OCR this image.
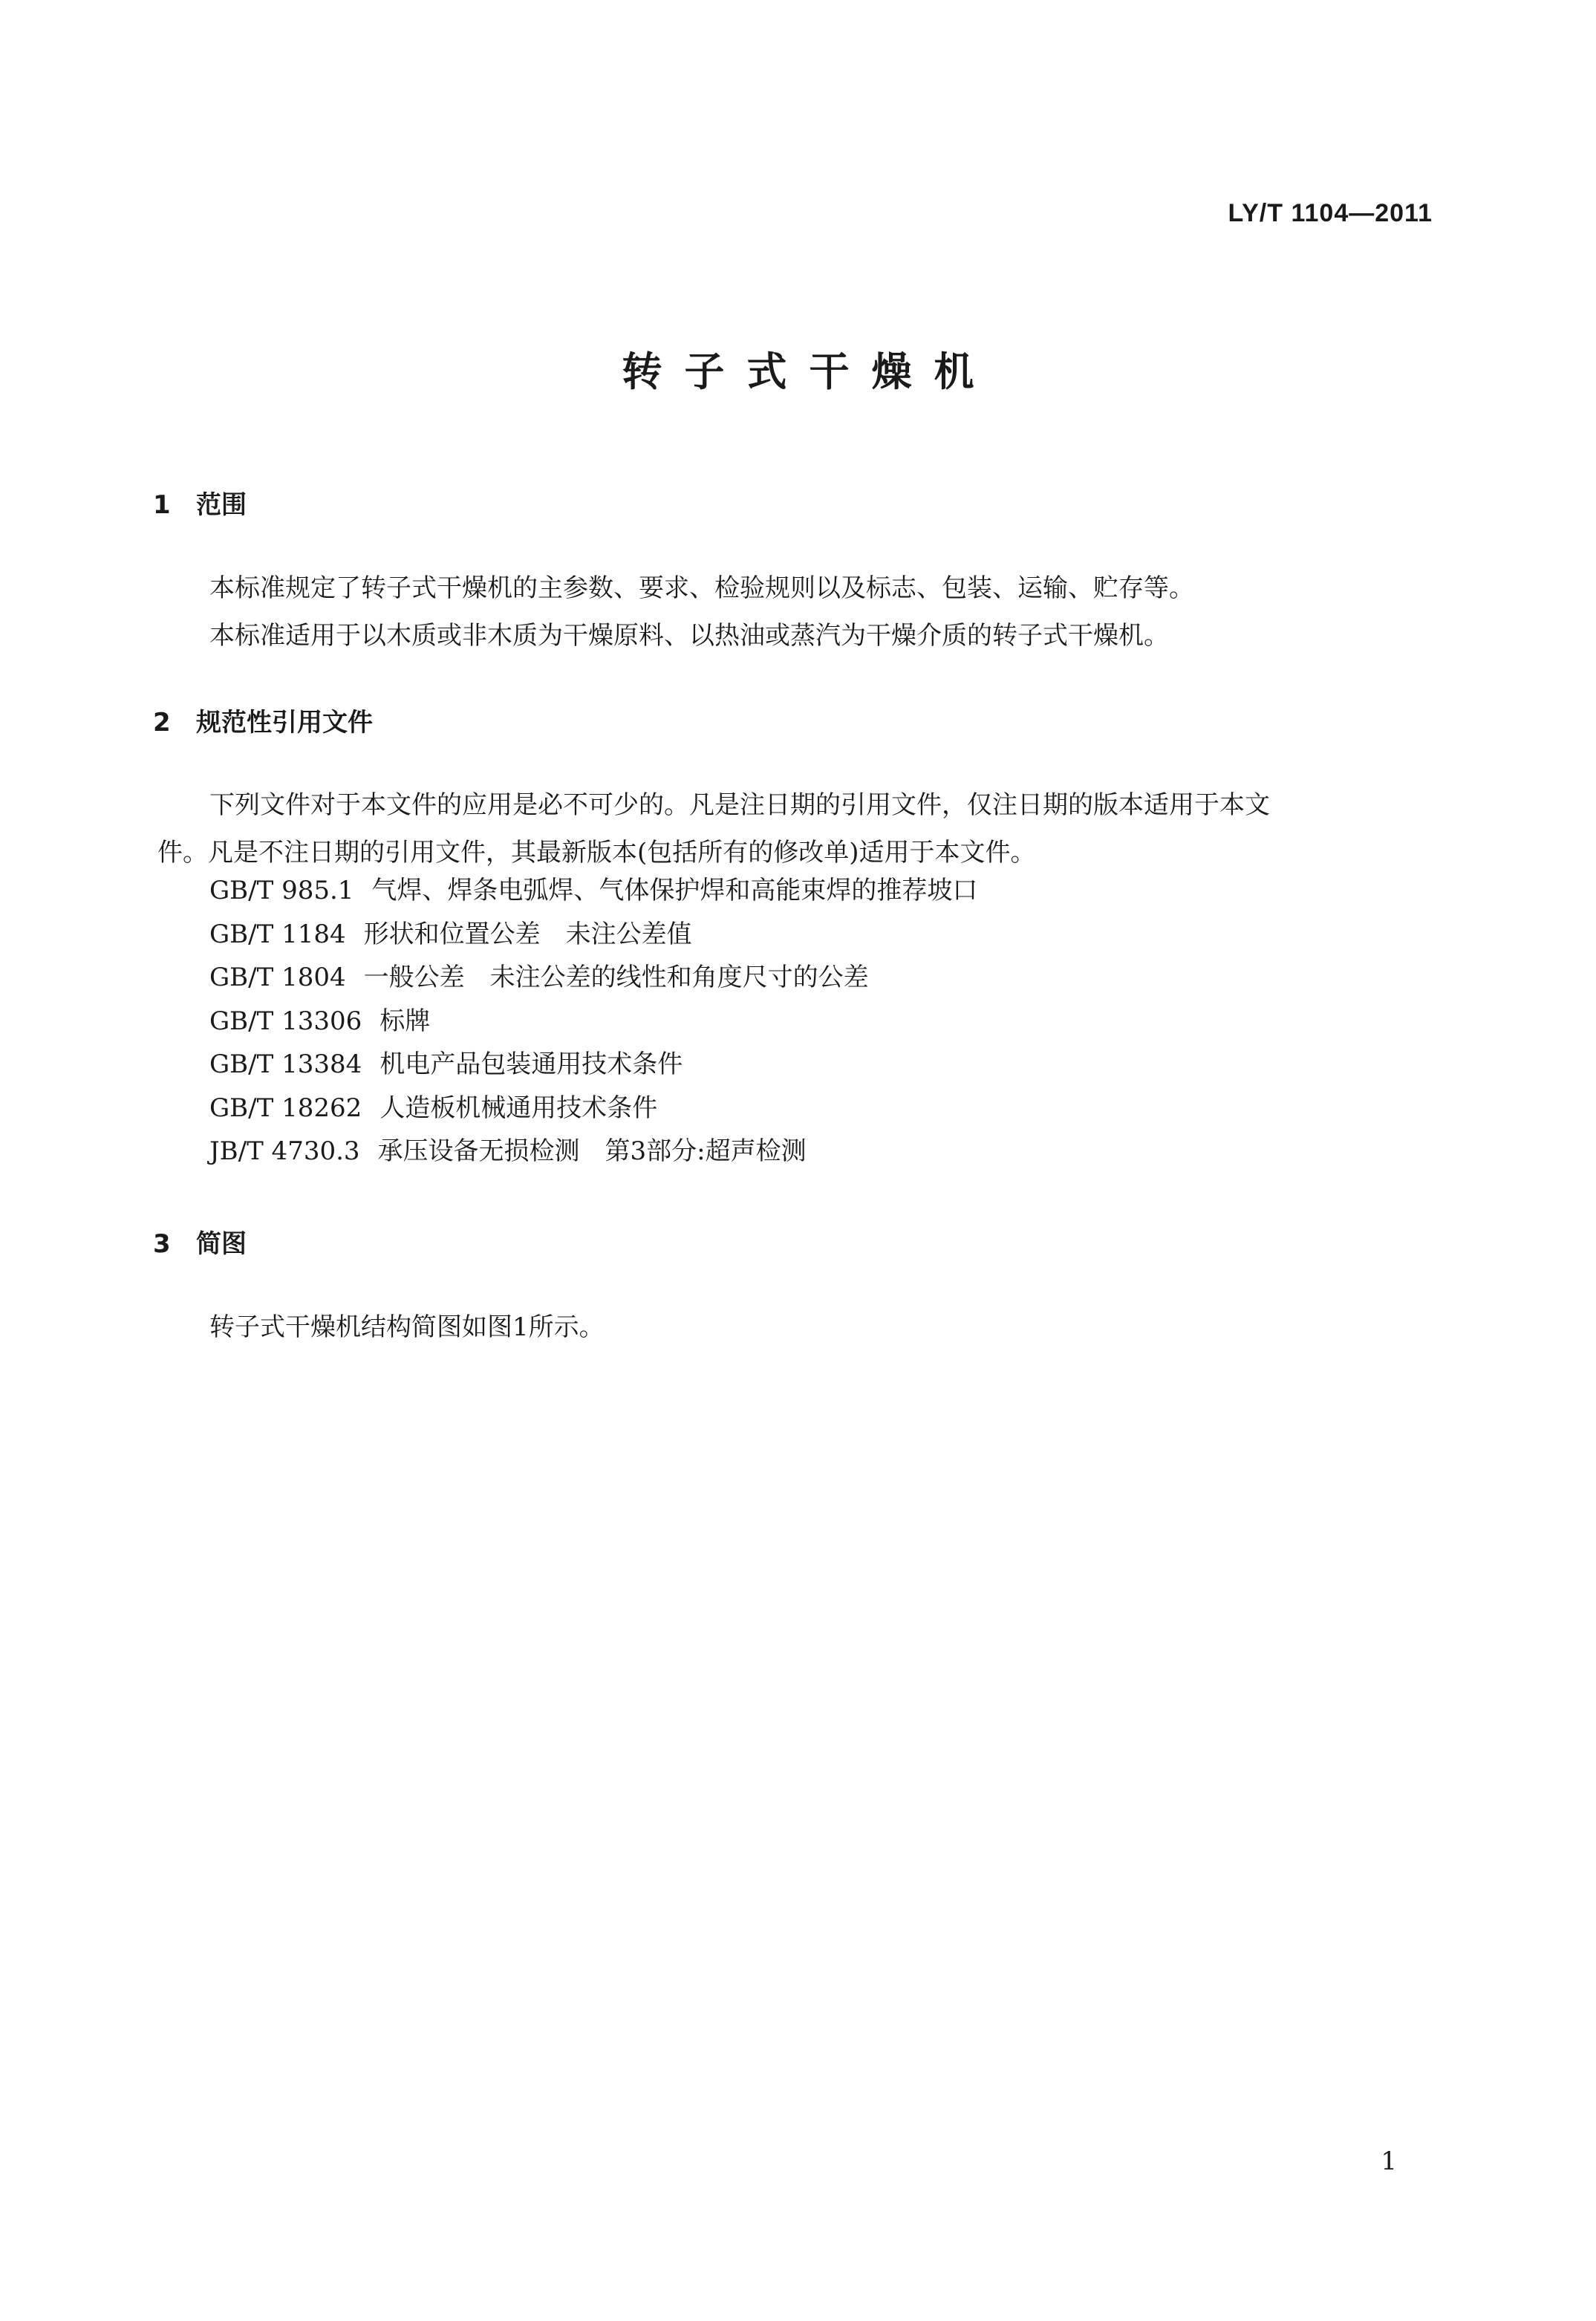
LY/T 1104—2011
转子式干燥机
1 范围
本标准规定了转子式干燥机的主参数、要求、检验规则以及标志、包装、运输、贮存等。
本标准适用于以木质或非木质为干燥原料、以热油或蒸汽为干燥介质的转子式干燥机。
2 规范性引用文件
下列文件对于本文件的应用是必不可少的。凡是注日期的引用文件，仅注日期的版本适用于本文
件。凡是不注日期的引用文件，其最新版本(包括所有的修改单)适用于本文件。
GB/T 985.1 气焊、焊条电弧焊、气体保护焊和高能束焊的推荐坡口
GB/T 1184 形状和位置公差　未注公差值
GB/T 1804 一般公差　未注公差的线性和角度尺寸的公差
GB/T 13306 标牌
GB/T 13384 机电产品包装通用技术条件
GB/T 18262 人造板机械通用技术条件
JB/T 4730.3 承压设备无损检测　第3部分:超声检测
3 简图
转子式干燥机结构简图如图1所示。
1
